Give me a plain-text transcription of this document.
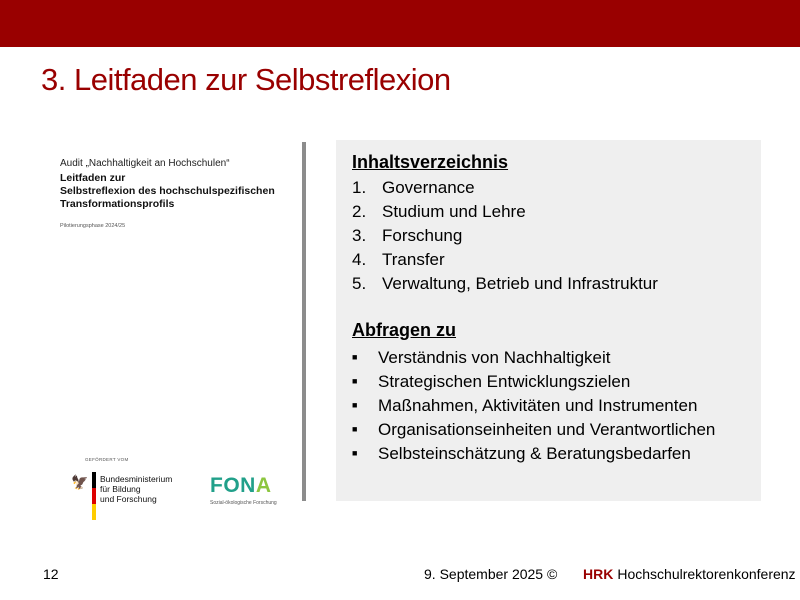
3. Leitfaden zur Selbstreflexion
Audit „Nachhaltigkeit an Hochschulen“
Leitfaden zur
Selbstreflexion des hochschulspezifischen
Transformationsprofils
Pilotierungsphase 2024/25
GEFÖRDERT VOM
🦅 Bundesministerium
für Bildung
und Forschung
FONA
Sozial-ökologische Forschung
Inhaltsverzeichnis
1. Governance
2. Studium und Lehre
3. Forschung
4. Transfer
5. Verwaltung, Betrieb und Infrastruktur
Abfragen zu
■ Verständnis von Nachhaltigkeit
■ Strategischen Entwicklungszielen
■ Maßnahmen, Aktivitäten und Instrumenten
■ Organisationseinheiten und Verantwortlichen
■ Selbsteinschätzung & Beratungsbedarfen
12	9. September 2025 © HRK Hochschulrektorenkonferenz
